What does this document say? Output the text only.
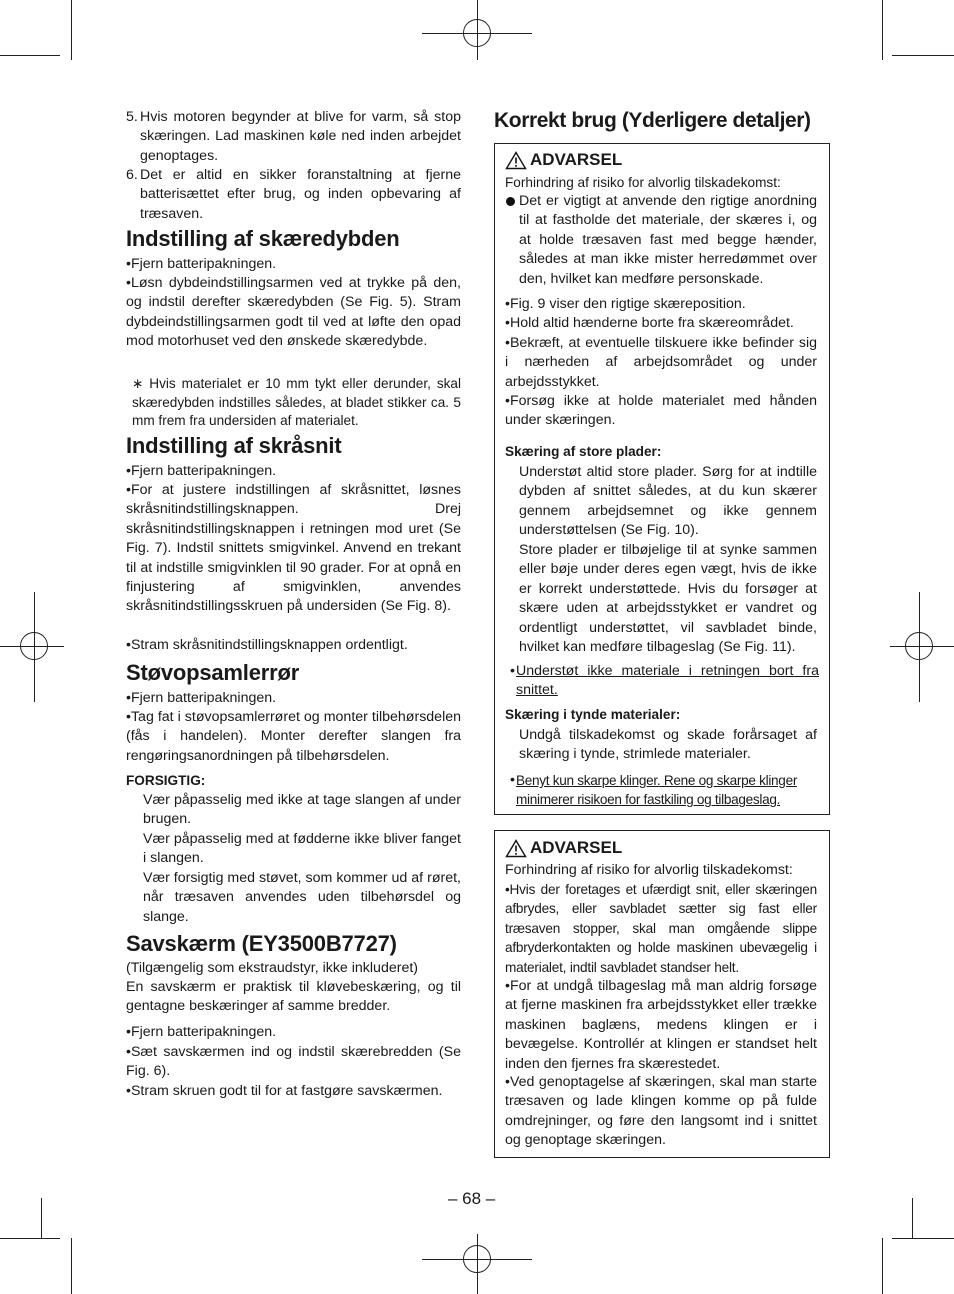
5. Hvis motoren begynder at blive for varm, så stop skæringen. Lad maskinen køle ned inden arbejdet genoptages.

6. Det er altid en sikker foranstaltning at fjerne batterisættet efter brug, og inden opbevaring af træsaven.

Indstilling af skæredybden

•Fjern batteripakningen.

•Løsn dybdeindstillingsarmen ved at trykke på den, og indstil derefter skæredybden (Se Fig. 5). Stram dybdeindstillingsarmen godt til ved at løfte den opad mod motorhuset ved den ønskede skæredybde.

∗ Hvis materialet er 10 mm tykt eller derunder, skal skæredybden indstilles således, at bladet stikker ca. 5 mm frem fra undersiden af materialet.

Indstilling af skråsnit

•Fjern batteripakningen.

•For at justere indstillingen af skråsnittet, løsnes skråsnitindstillingsknappen. Drej skråsnitindstillingsknappen i retningen mod uret (Se Fig. 7). Indstil snittets smigvinkel. Anvend en trekant til at indstille smigvinklen til 90 grader. For at opnå en finjustering af smigvinklen, anvendes skråsnitindstillingsskruen på undersiden (Se Fig. 8).

•Stram skråsnitindstillingsknappen ordentligt.

Støvopsamlerrør

•Fjern batteripakningen.

•Tag fat i støvopsamlerrøret og monter tilbehørsdelen (fås i handelen). Monter derefter slangen fra rengøringsanordningen på tilbehørsdelen.

FORSIGTIG:

Vær påpasselig med ikke at tage slangen af under brugen.

Vær påpasselig med at fødderne ikke bliver fanget i slangen.

Vær forsigtig med støvet, som kommer ud af røret, når træsaven anvendes uden tilbehørsdel og slange.

Savskærm (EY3500B7727)

(Tilgængelig som ekstraudstyr, ikke inkluderet)

En savskærm er praktisk til kløvebeskæring, og til gentagne beskæringer af samme bredder.

•Fjern batteripakningen.

•Sæt savskærmen ind og indstil skærebredden (Se Fig. 6).

•Stram skruen godt til for at fastgøre savskærmen.

Korrekt brug (Yderligere detaljer)
ADVARSEL

Forhindring af risiko for alvorlig tilskadekomst:

Det er vigtigt at anvende den rigtige anordning til at fastholde det materiale, der skæres i, og at holde træsaven fast med begge hænder, således at man ikke mister herredømmet over den, hvilket kan medføre personskade.

•Fig. 9 viser den rigtige skæreposition.

•Hold altid hænderne borte fra skæreområdet.

•Bekræft, at eventuelle tilskuere ikke befinder sig i nærheden af arbejdsområdet og under arbejdsstykket.

•Forsøg ikke at holde materialet med hånden under skæringen.

Skæring af store plader:

Understøt altid store plader. Sørg for at indtille dybden af snittet således, at du kun skærer gennem arbejdsemnet og ikke gennem understøttelsen (Se Fig. 10).

Store plader er tilbøjelige til at synke sammen eller bøje under deres egen vægt, hvis de ikke er korrekt understøttede. Hvis du forsøger at skære uden at arbejdsstykket er vandret og ordentligt understøttet, vil savbladet binde, hvilket kan medføre tilbageslag (Se Fig. 11).

• Understøt ikke materiale i retningen bort fra snittet.

Skæring i tynde materialer:

Undgå tilskadekomst og skade forårsaget af skæring i tynde, strimlede materialer.

• Benyt kun skarpe klinger. Rene og skarpe klinger minimerer risikoen for fastkiling og tilbageslag.

ADVARSEL

Forhindring af risiko for alvorlig tilskadekomst:

•Hvis der foretages et ufærdigt snit, eller skæringen afbrydes, eller savbladet sætter sig fast eller træsaven stopper, skal man omgående slippe afbryderkontakten og holde maskinen ubevægelig i materialet, indtil savbladet standser helt.

•For at undgå tilbageslag må man aldrig forsøge at fjerne maskinen fra arbejdsstykket eller trække maskinen baglæns, medens klingen er i bevægelse. Kontrollér at klingen er standset helt inden den fjernes fra skærestedet.

•Ved genoptagelse af skæringen, skal man starte træsaven og lade klingen komme op på fulde omdrejninger, og føre den langsomt ind i snittet og genoptage skæringen.

– 68 –
